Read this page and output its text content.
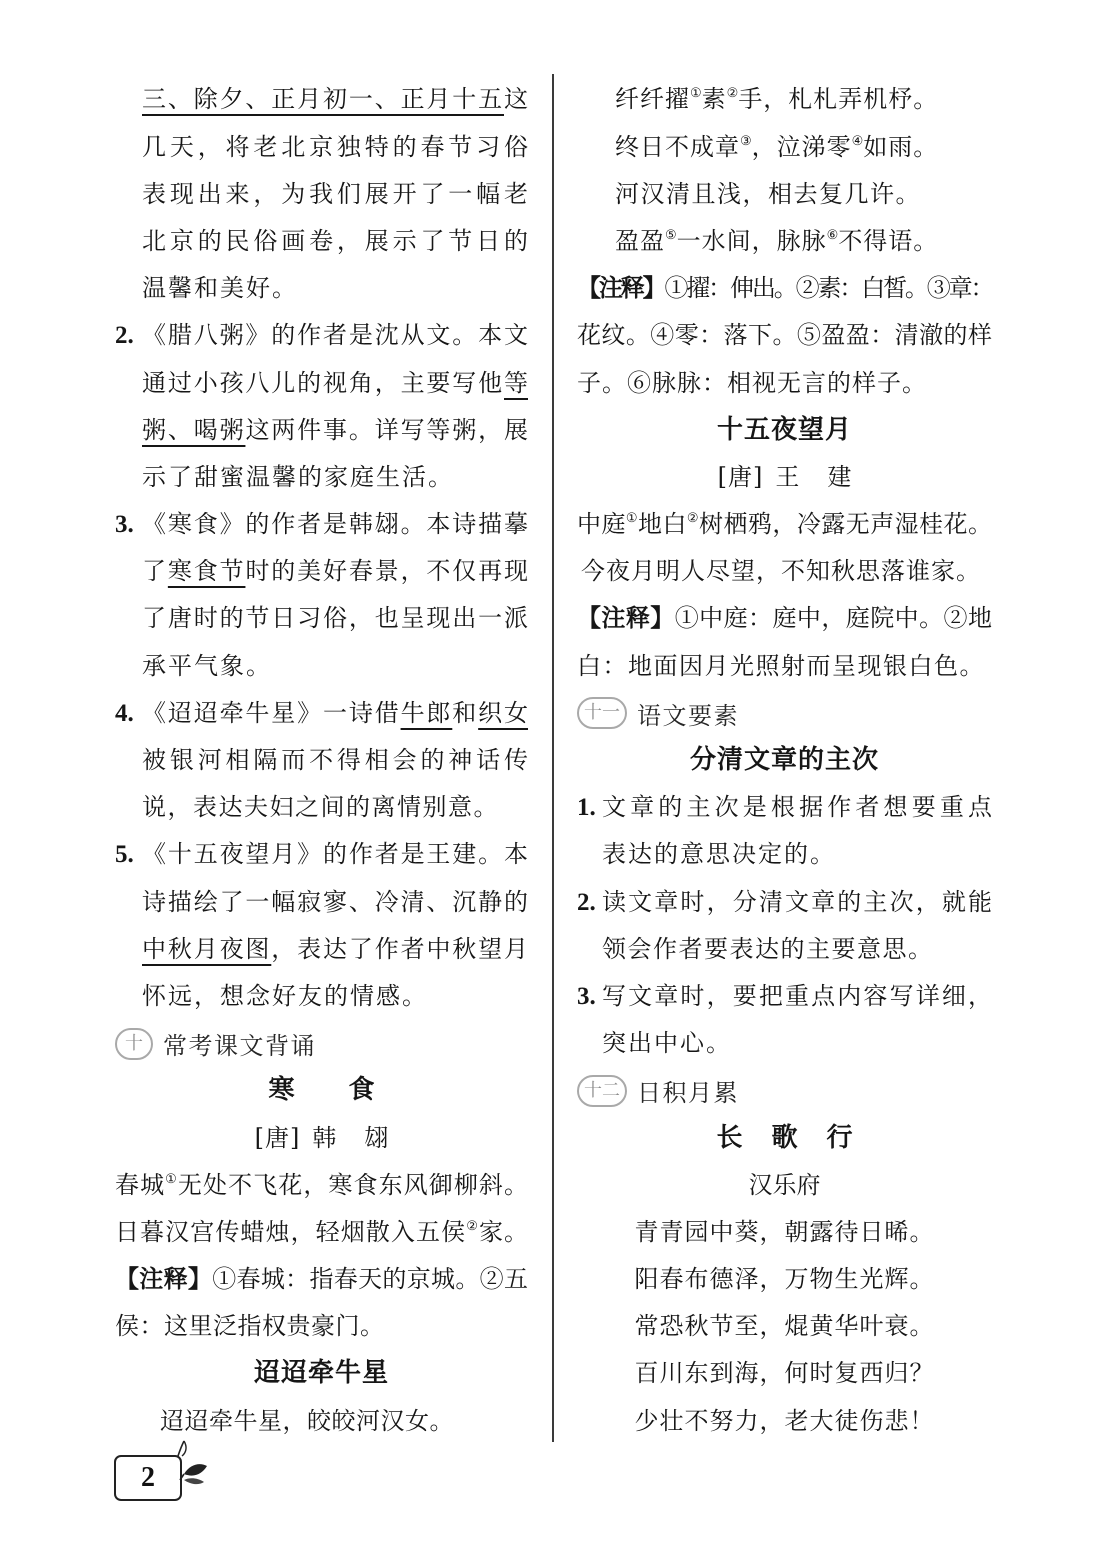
三、除夕、正月初一、正月十五这
几天，将老北京独特的春节习俗
表现出来，为我们展开了一幅老
北京的民俗画卷，展示了节日的
温馨和美好。
2. 《腊八粥》的作者是沈从文。本文
通过小孩八儿的视角，主要写他等
粥、喝粥这两件事。详写等粥，展
示了甜蜜温馨的家庭生活。
3. 《寒食》的作者是韩翃。本诗描摹
了寒食节时的美好春景，不仅再现
了唐时的节日习俗，也呈现出一派
承平气象。
4. 《迢迢牵牛星》一诗借牛郎和织女
被银河相隔而不得相会的神话传
说，表达夫妇之间的离情别意。
5. 《十五夜望月》的作者是王建。本
诗描绘了一幅寂寥、冷清、沉静的
中秋月夜图，表达了作者中秋望月
怀远，想念好友的情感。
十 常考课文背诵
寒食
[唐] 韩翃
春城①无处不飞花，寒食东风御柳斜。
日暮汉宫传蜡烛，轻烟散入五侯②家。
【注释】①春城：指春天的京城。②五
侯：这里泛指权贵豪门。
迢迢牵牛星
迢迢牵牛星，皎皎河汉女。
纤纤擢①素②手，札札弄机杼。
终日不成章③，泣涕零④如雨。
河汉清且浅，相去复几许。
盈盈⑤一水间，脉脉⑥不得语。
【注释】①擢：伸出。②素：白皙。③章：
花纹。④零：落下。⑤盈盈：清澈的样
子。⑥脉脉：相视无言的样子。
十五夜望月
[唐] 王建
中庭①地白②树栖鸦，冷露无声湿桂花。
今夜月明人尽望，不知秋思落谁家。
【注释】①中庭：庭中，庭院中。②地
白：地面因月光照射而呈现银白色。
十一 语文要素
分清文章的主次
1. 文章的主次是根据作者想要重点
表达的意思决定的。
2. 读文章时，分清文章的主次，就能
领会作者要表达的主要意思。
3. 写文章时，要把重点内容写详细，
突出中心。
十二 日积月累
长歌行
汉乐府
青青园中葵，朝露待日晞。
阳春布德泽，万物生光辉。
常恐秋节至，焜黄华叶衰。
百川东到海，何时复西归？
少壮不努力，老大徒伤悲！
2
